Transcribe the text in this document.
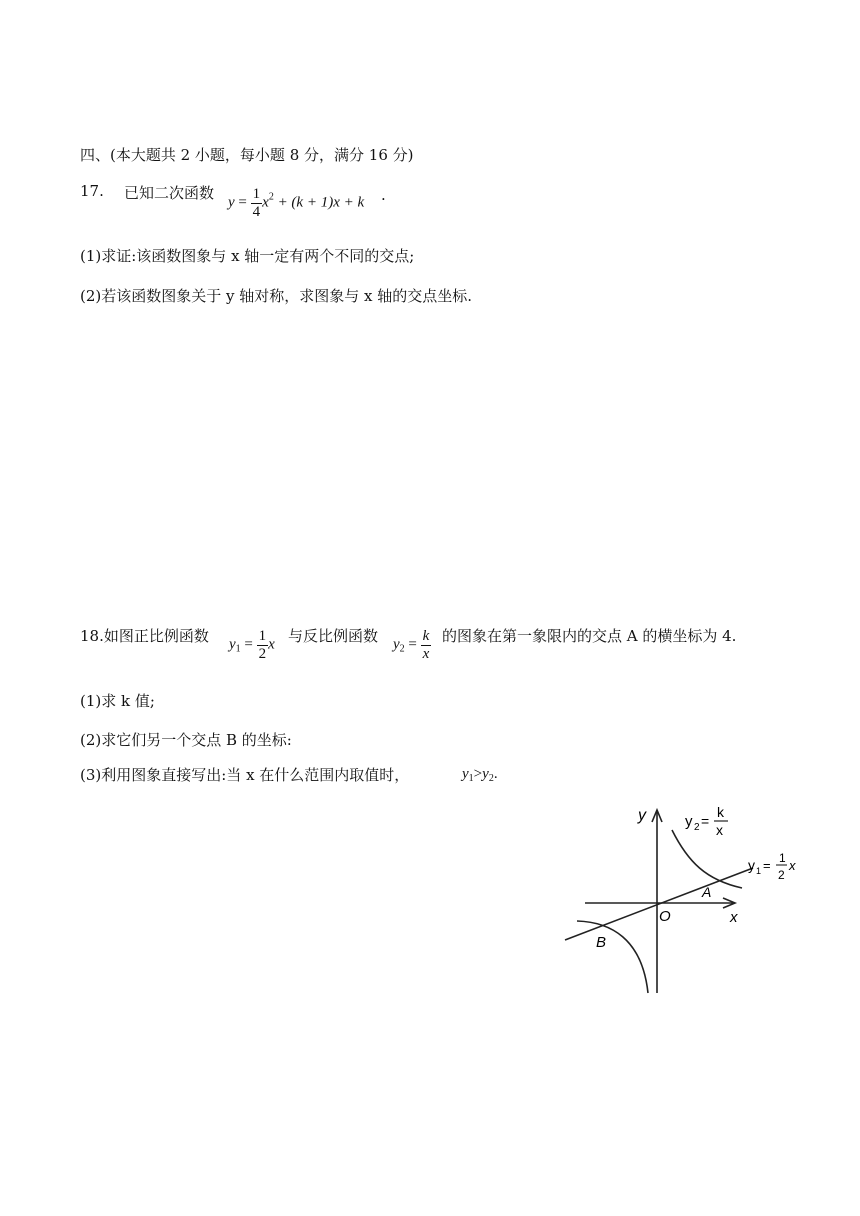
四、(本大题共 2 小题，每小题 8 分，满分 16 分)
17. 已知二次函数
$y = \frac{1}{4} x^2 + (k + 1)x + k$ .
(1)求证:该函数图象与 x 轴一定有两个不同的交点;
(2)若该函数图象关于 y 轴对称，求图象与 x 轴的交点坐标.
18.如图正比例函数 $y_1 = \frac{1}{2}$ x 与反比例函数 $y_2 = \frac{k}{x}$ 的图象在第一象限内的交点 A 的横坐标为 4.
(1)求 k 值;
(2)求它们另一个交点 B 的坐标:
(3)利用图象直接写出:当 x 在什么范围内取值时，	$y_1>y_2$.
y
x
O
A
B
y 2 =
k
x
y 1 = 1
2
x
